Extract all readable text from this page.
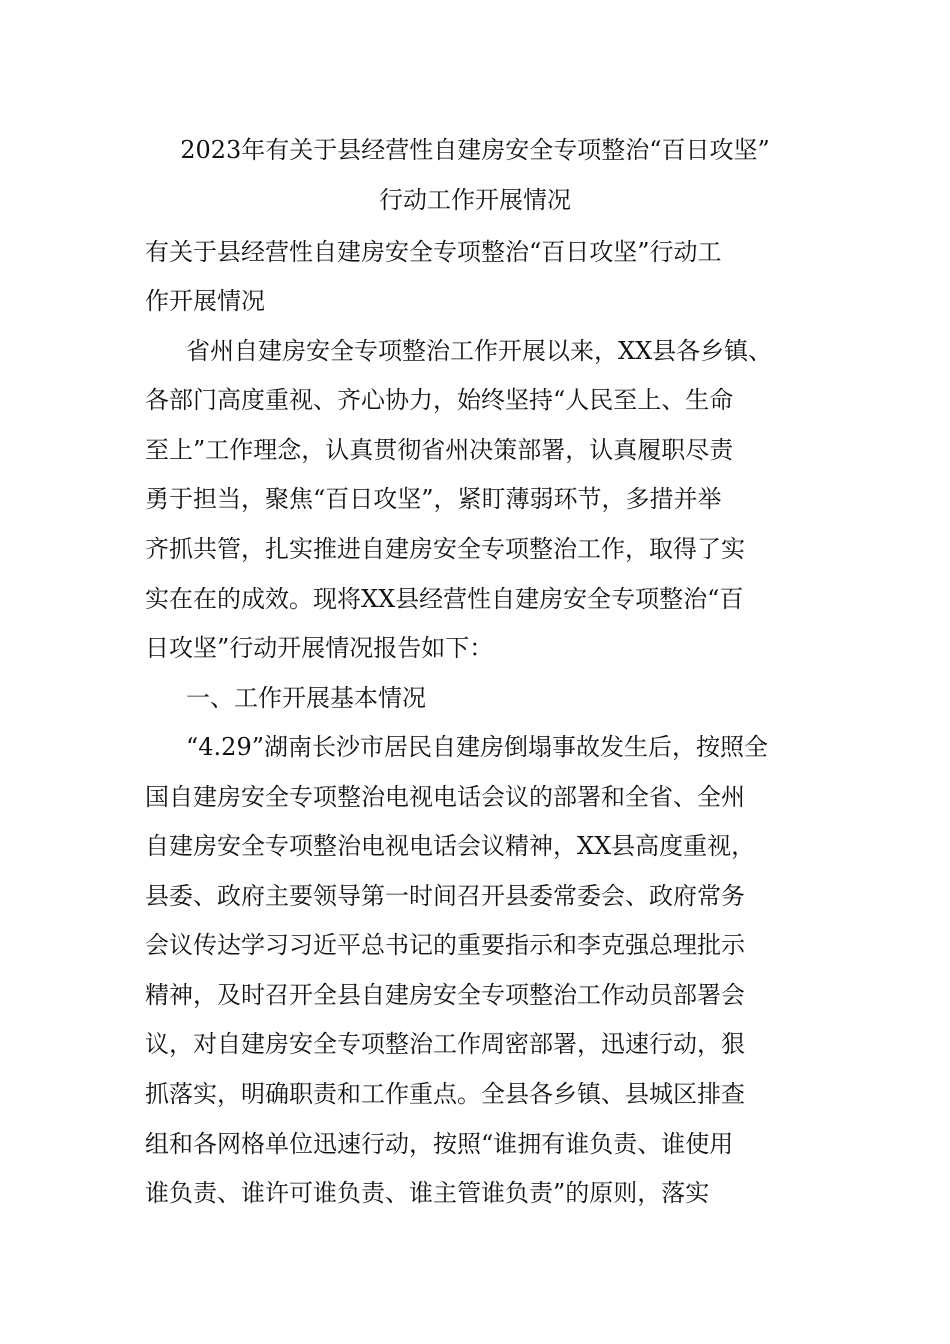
2023年有关于县经营性自建房安全专项整治“百日攻坚”
行动工作开展情况
有关于县经营性自建房安全专项整治“百日攻坚”行动工
作开展情况
省州自建房安全专项整治工作开展以来，XX县各乡镇、
各部门高度重视、齐心协力，始终坚持“人民至上、生命
至上”工作理念，认真贯彻省州决策部署，认真履职尽责
勇于担当，聚焦“百日攻坚”，紧盯薄弱环节，多措并举
齐抓共管，扎实推进自建房安全专项整治工作，取得了实
实在在的成效。现将XX县经营性自建房安全专项整治“百
日攻坚”行动开展情况报告如下：
一、工作开展基本情况
“4.29”湖南长沙市居民自建房倒塌事故发生后，按照全
国自建房安全专项整治电视电话会议的部署和全省、全州
自建房安全专项整治电视电话会议精神，XX县高度重视，
县委、政府主要领导第一时间召开县委常委会、政府常务
会议传达学习习近平总书记的重要指示和李克强总理批示
精神，及时召开全县自建房安全专项整治工作动员部署会
议，对自建房安全专项整治工作周密部署，迅速行动，狠
抓落实，明确职责和工作重点。全县各乡镇、县城区排查
组和各网格单位迅速行动，按照“谁拥有谁负责、谁使用
谁负责、谁许可谁负责、谁主管谁负责”的原则，落实
